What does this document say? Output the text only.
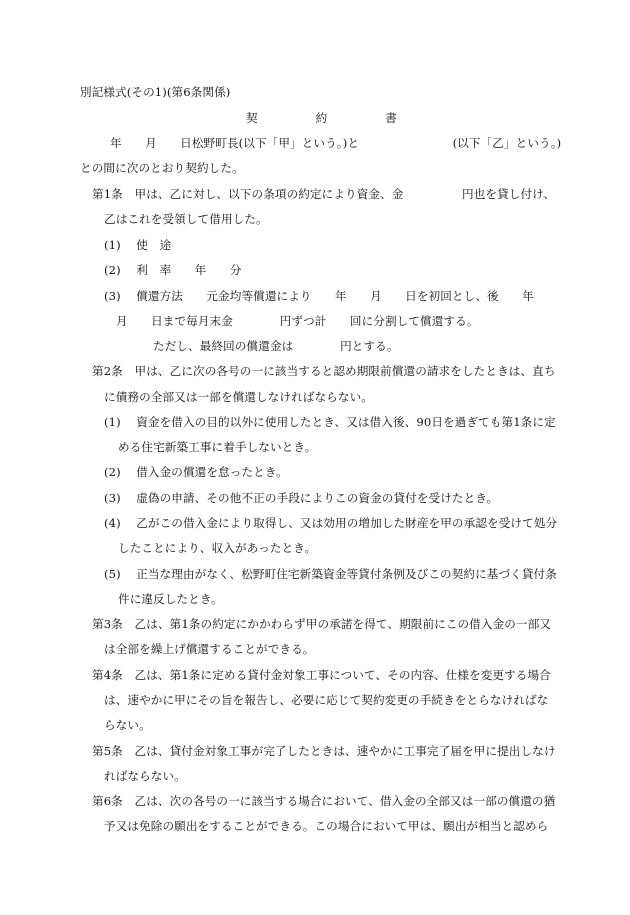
別記様式(その1)(第6条関係)
契　　　　　約　　　　　書
年　　月　　日松野町長(以下「甲」という。)と　　　　　　　　(以下「乙」という。)
との間に次のとおり契約した。
第1条　甲は、乙に対し、以下の条項の約定により資金、金　　　　　円也を貸し付け、
乙はこれを受領して借用した。
(1)　 使　途
(2)　 利　率　　年　　分
(3)　 償還方法　　元金均等償還により　　年　　月　　日を初回とし、後　　年
月　　日まで毎月末金　　　　円ずつ計　　回に分割して償還する。
ただし、最終回の償還金は　　　　円とする。
第2条　甲は、乙に次の各号の一に該当すると認め期限前償還の請求をしたときは、直ち
に債務の全部又は一部を償還しなければならない。
(1)　 資金を借入の目的以外に使用したとき、又は借入後、90日を過ぎても第1条に定
める住宅新築工事に着手しないとき。
(2)　 借入金の償還を怠ったとき。
(3)　 虚偽の申請、その他不正の手段によりこの資金の貸付を受けたとき。
(4)　 乙がこの借入金により取得し、又は効用の増加した財産を甲の承認を受けて処分
したことにより、収入があったとき。
(5)　 正当な理由がなく、松野町住宅新築資金等貸付条例及びこの契約に基づく貸付条
件に違反したとき。
第3条　乙は、第1条の約定にかかわらず甲の承諾を得て、期限前にこの借入金の一部又
は全部を繰上げ償還することができる。
第4条　乙は、第1条に定める貸付金対象工事について、その内容、仕様を変更する場合
は、速やかに甲にその旨を報告し、必要に応じて契約変更の手続きをとらなければな
らない。
第5条　乙は、貸付金対象工事が完了したときは、速やかに工事完了届を甲に提出しなけ
ればならない。
第6条　乙は、次の各号の一に該当する場合において、借入金の全部又は一部の償還の猶
予又は免除の願出をすることができる。この場合において甲は、願出が相当と認めら
